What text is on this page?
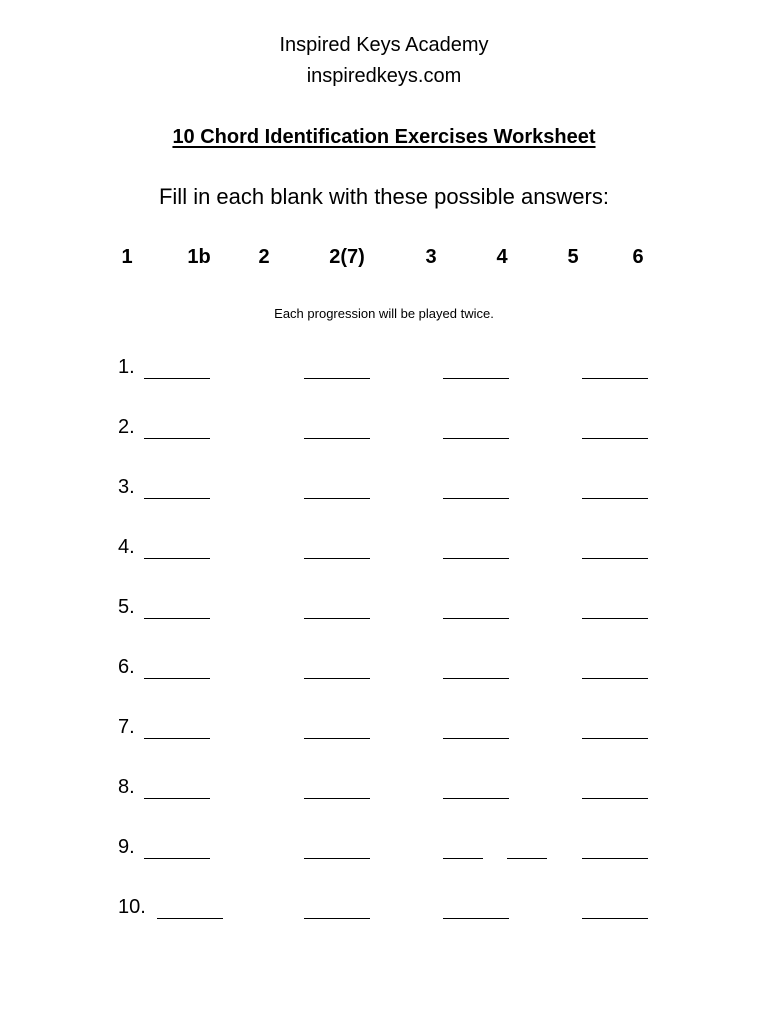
Inspired Keys Academy
inspiredkeys.com
10 Chord Identification Exercises Worksheet
Fill in each blank with these possible answers:
1	1b 2	2(7)	3	4	5	6
Each progression will be played twice.
1.
2.
3.
4.
5.
6.
7.
8.
9.
10.
